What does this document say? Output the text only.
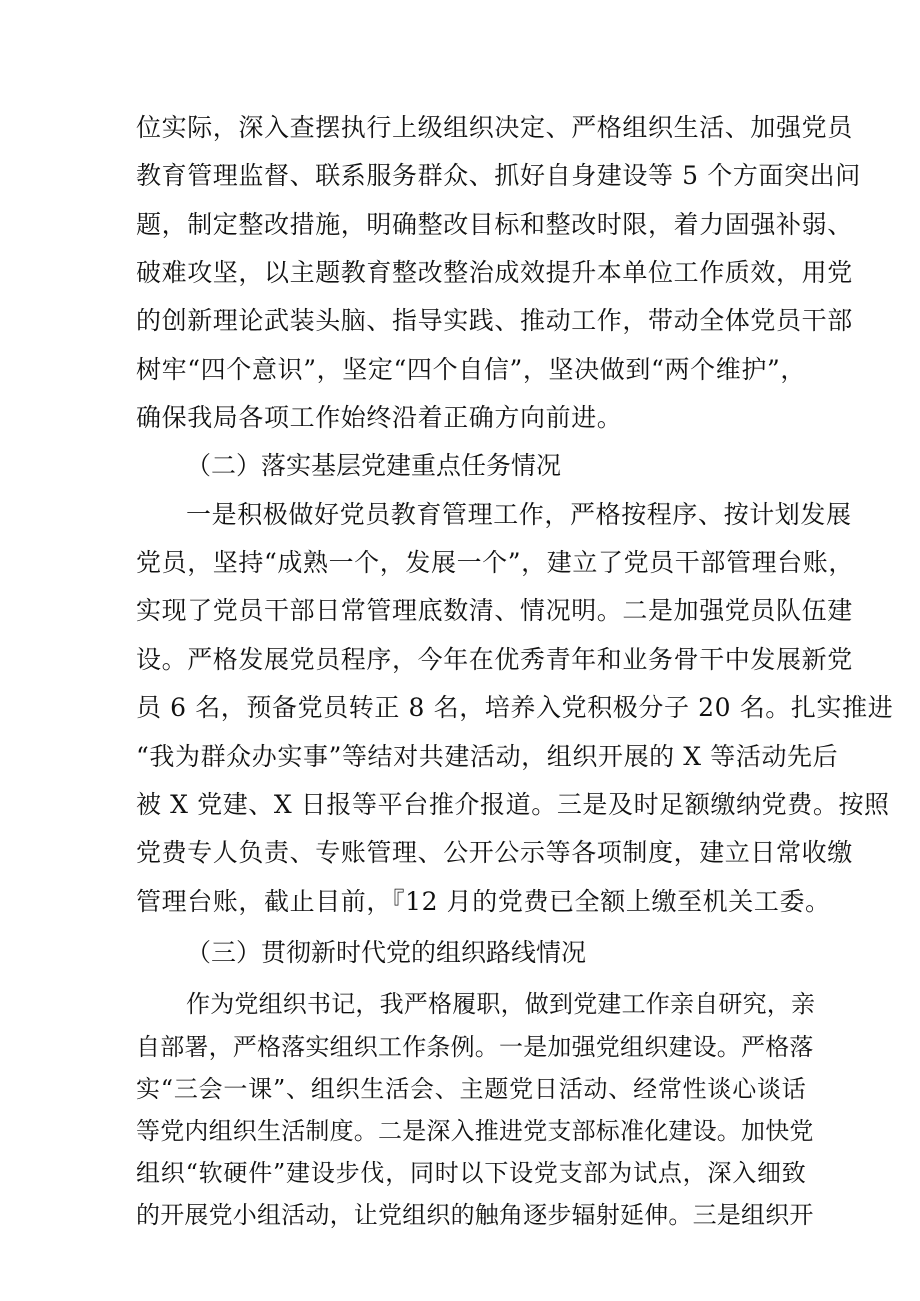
位实际，深入查摆执行上级组织决定、严格组织生活、加强党员
教育管理监督、联系服务群众、抓好自身建设等 5 个方面突出问
题，制定整改措施，明确整改目标和整改时限，着力固强补弱、
破难攻坚，以主题教育整改整治成效提升本单位工作质效，用党
的创新理论武装头脑、指导实践、推动工作，带动全体党员干部
树牢“四个意识”，坚定“四个自信”，坚决做到“两个维护”，
确保我局各项工作始终沿着正确方向前进。
（二）落实基层党建重点任务情况
一是积极做好党员教育管理工作，严格按程序、按计划发展
党员，坚持“成熟一个，发展一个”，建立了党员干部管理台账，
实现了党员干部日常管理底数清、情况明。二是加强党员队伍建
设。严格发展党员程序，今年在优秀青年和业务骨干中发展新党
员 6 名，预备党员转正 8 名，培养入党积极分子 20 名。扎实推进
“我为群众办实事”等结对共建活动，组织开展的 X 等活动先后
被 X 党建、X 日报等平台推介报道。三是及时足额缴纳党费。按照
党费专人负责、专账管理、公开公示等各项制度，建立日常收缴
管理台账，截止目前，『12 月的党费已全额上缴至机关工委。
（三）贯彻新时代党的组织路线情况
作为党组织书记，我严格履职，做到党建工作亲自研究，亲
自部署，严格落实组织工作条例。一是加强党组织建设。严格落
实“三会一课”、组织生活会、主题党日活动、经常性谈心谈话
等党内组织生活制度。二是深入推进党支部标准化建设。加快党
组织“软硬件”建设步伐，同时以下设党支部为试点，深入细致
的开展党小组活动，让党组织的触角逐步辐射延伸。三是组织开
